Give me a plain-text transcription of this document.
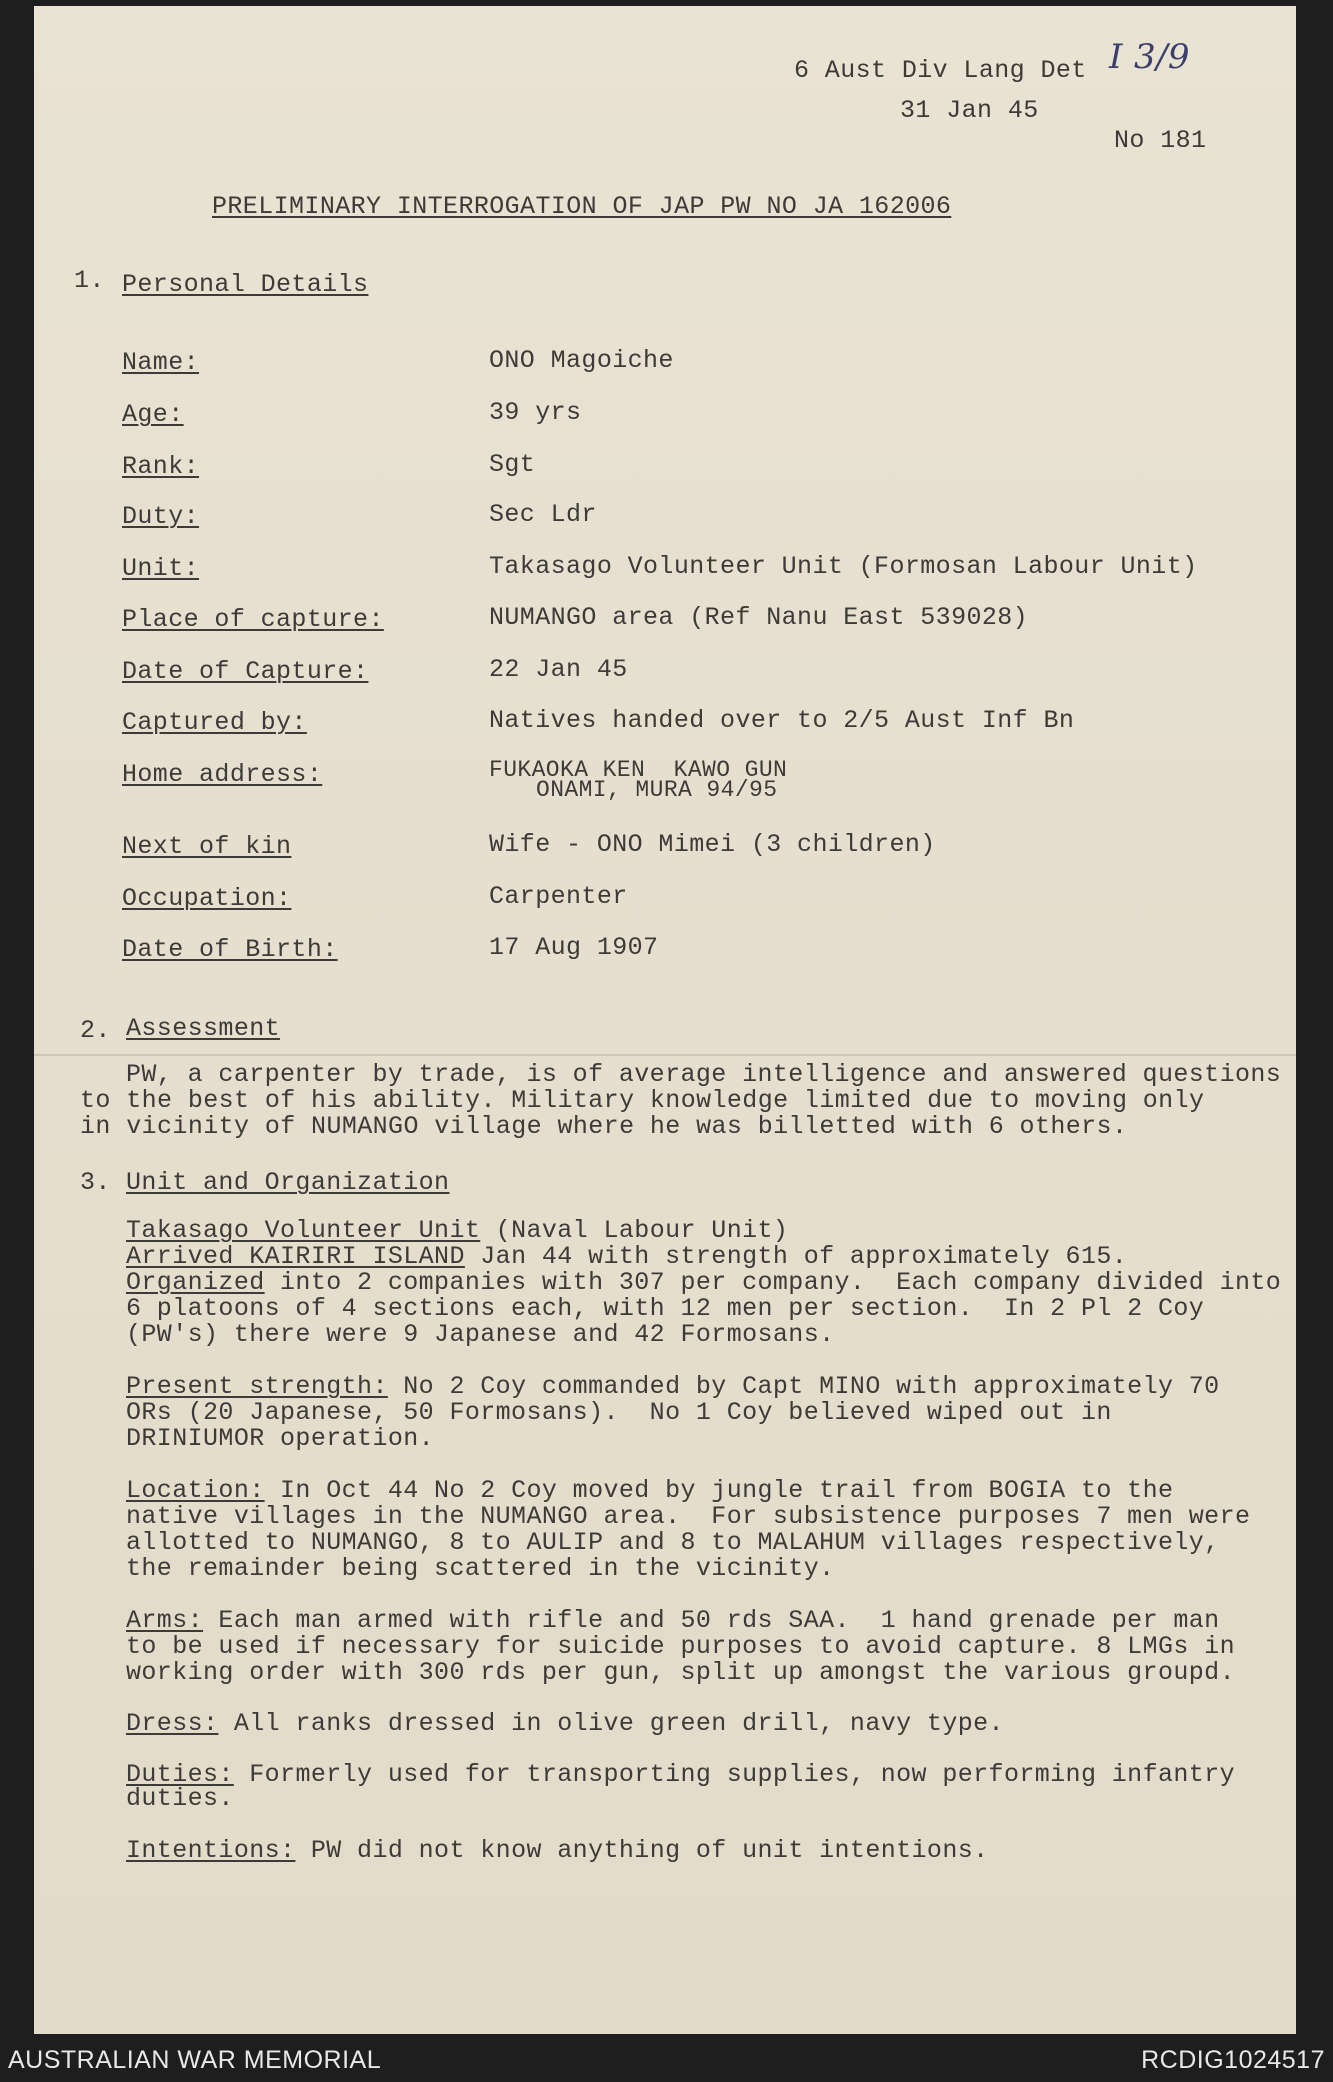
6 Aust Div Lang Det I 3/9
31 Jan 45
No 181
PRELIMINARY INTERROGATION OF JAP PW NO JA 162006
1. Personal Details
Name:	ONO Magoiche
Age:	39 yrs
Rank:	Sgt
Duty:	Sec Ldr
Unit:	Takasago Volunteer Unit (Formosan Labour Unit)
Place of capture:	NUMANGO area (Ref Nanu East 539028)
Date of Capture:	22 Jan 45
Captured by:	Natives handed over to 2/5 Aust Inf Bn
Home address:	FUKAOKA KEN  KAWO GUN
ONAMI, MURA 94/95
Next of kin	Wife - ONO Mimei (3 children)
Occupation:	Carpenter
Date of Birth:	17 Aug 1907
2. Assessment
PW, a carpenter by trade, is of average intelligence and answered questions
to the best of his ability. Military knowledge limited due to moving only
in vicinity of NUMANGO village where he was billetted with 6 others.
3. Unit and Organization
Takasago Volunteer Unit (Naval Labour Unit)
Arrived KAIRIRI ISLAND Jan 44 with strength of approximately 615.
Organized into 2 companies with 307 per company.  Each company divided into
6 platoons of 4 sections each, with 12 men per section.  In 2 Pl 2 Coy
(PW's) there were 9 Japanese and 42 Formosans.
Present strength: No 2 Coy commanded by Capt MINO with approximately 70
ORs (20 Japanese, 50 Formosans).  No 1 Coy believed wiped out in
DRINIUMOR operation.
Location: In Oct 44 No 2 Coy moved by jungle trail from BOGIA to the
native villages in the NUMANGO area.  For subsistence purposes 7 men were
allotted to NUMANGO, 8 to AULIP and 8 to MALAHUM villages respectively,
the remainder being scattered in the vicinity.
Arms: Each man armed with rifle and 50 rds SAA.  1 hand grenade per man
to be used if necessary for suicide purposes to avoid capture. 8 LMGs in
working order with 300 rds per gun, split up amongst the various groupd.
Dress: All ranks dressed in olive green drill, navy type.
Duties: Formerly used for transporting supplies, now performing infantry
duties.
Intentions: PW did not know anything of unit intentions.
AUSTRALIAN WAR MEMORIAL	RCDIG1024517
